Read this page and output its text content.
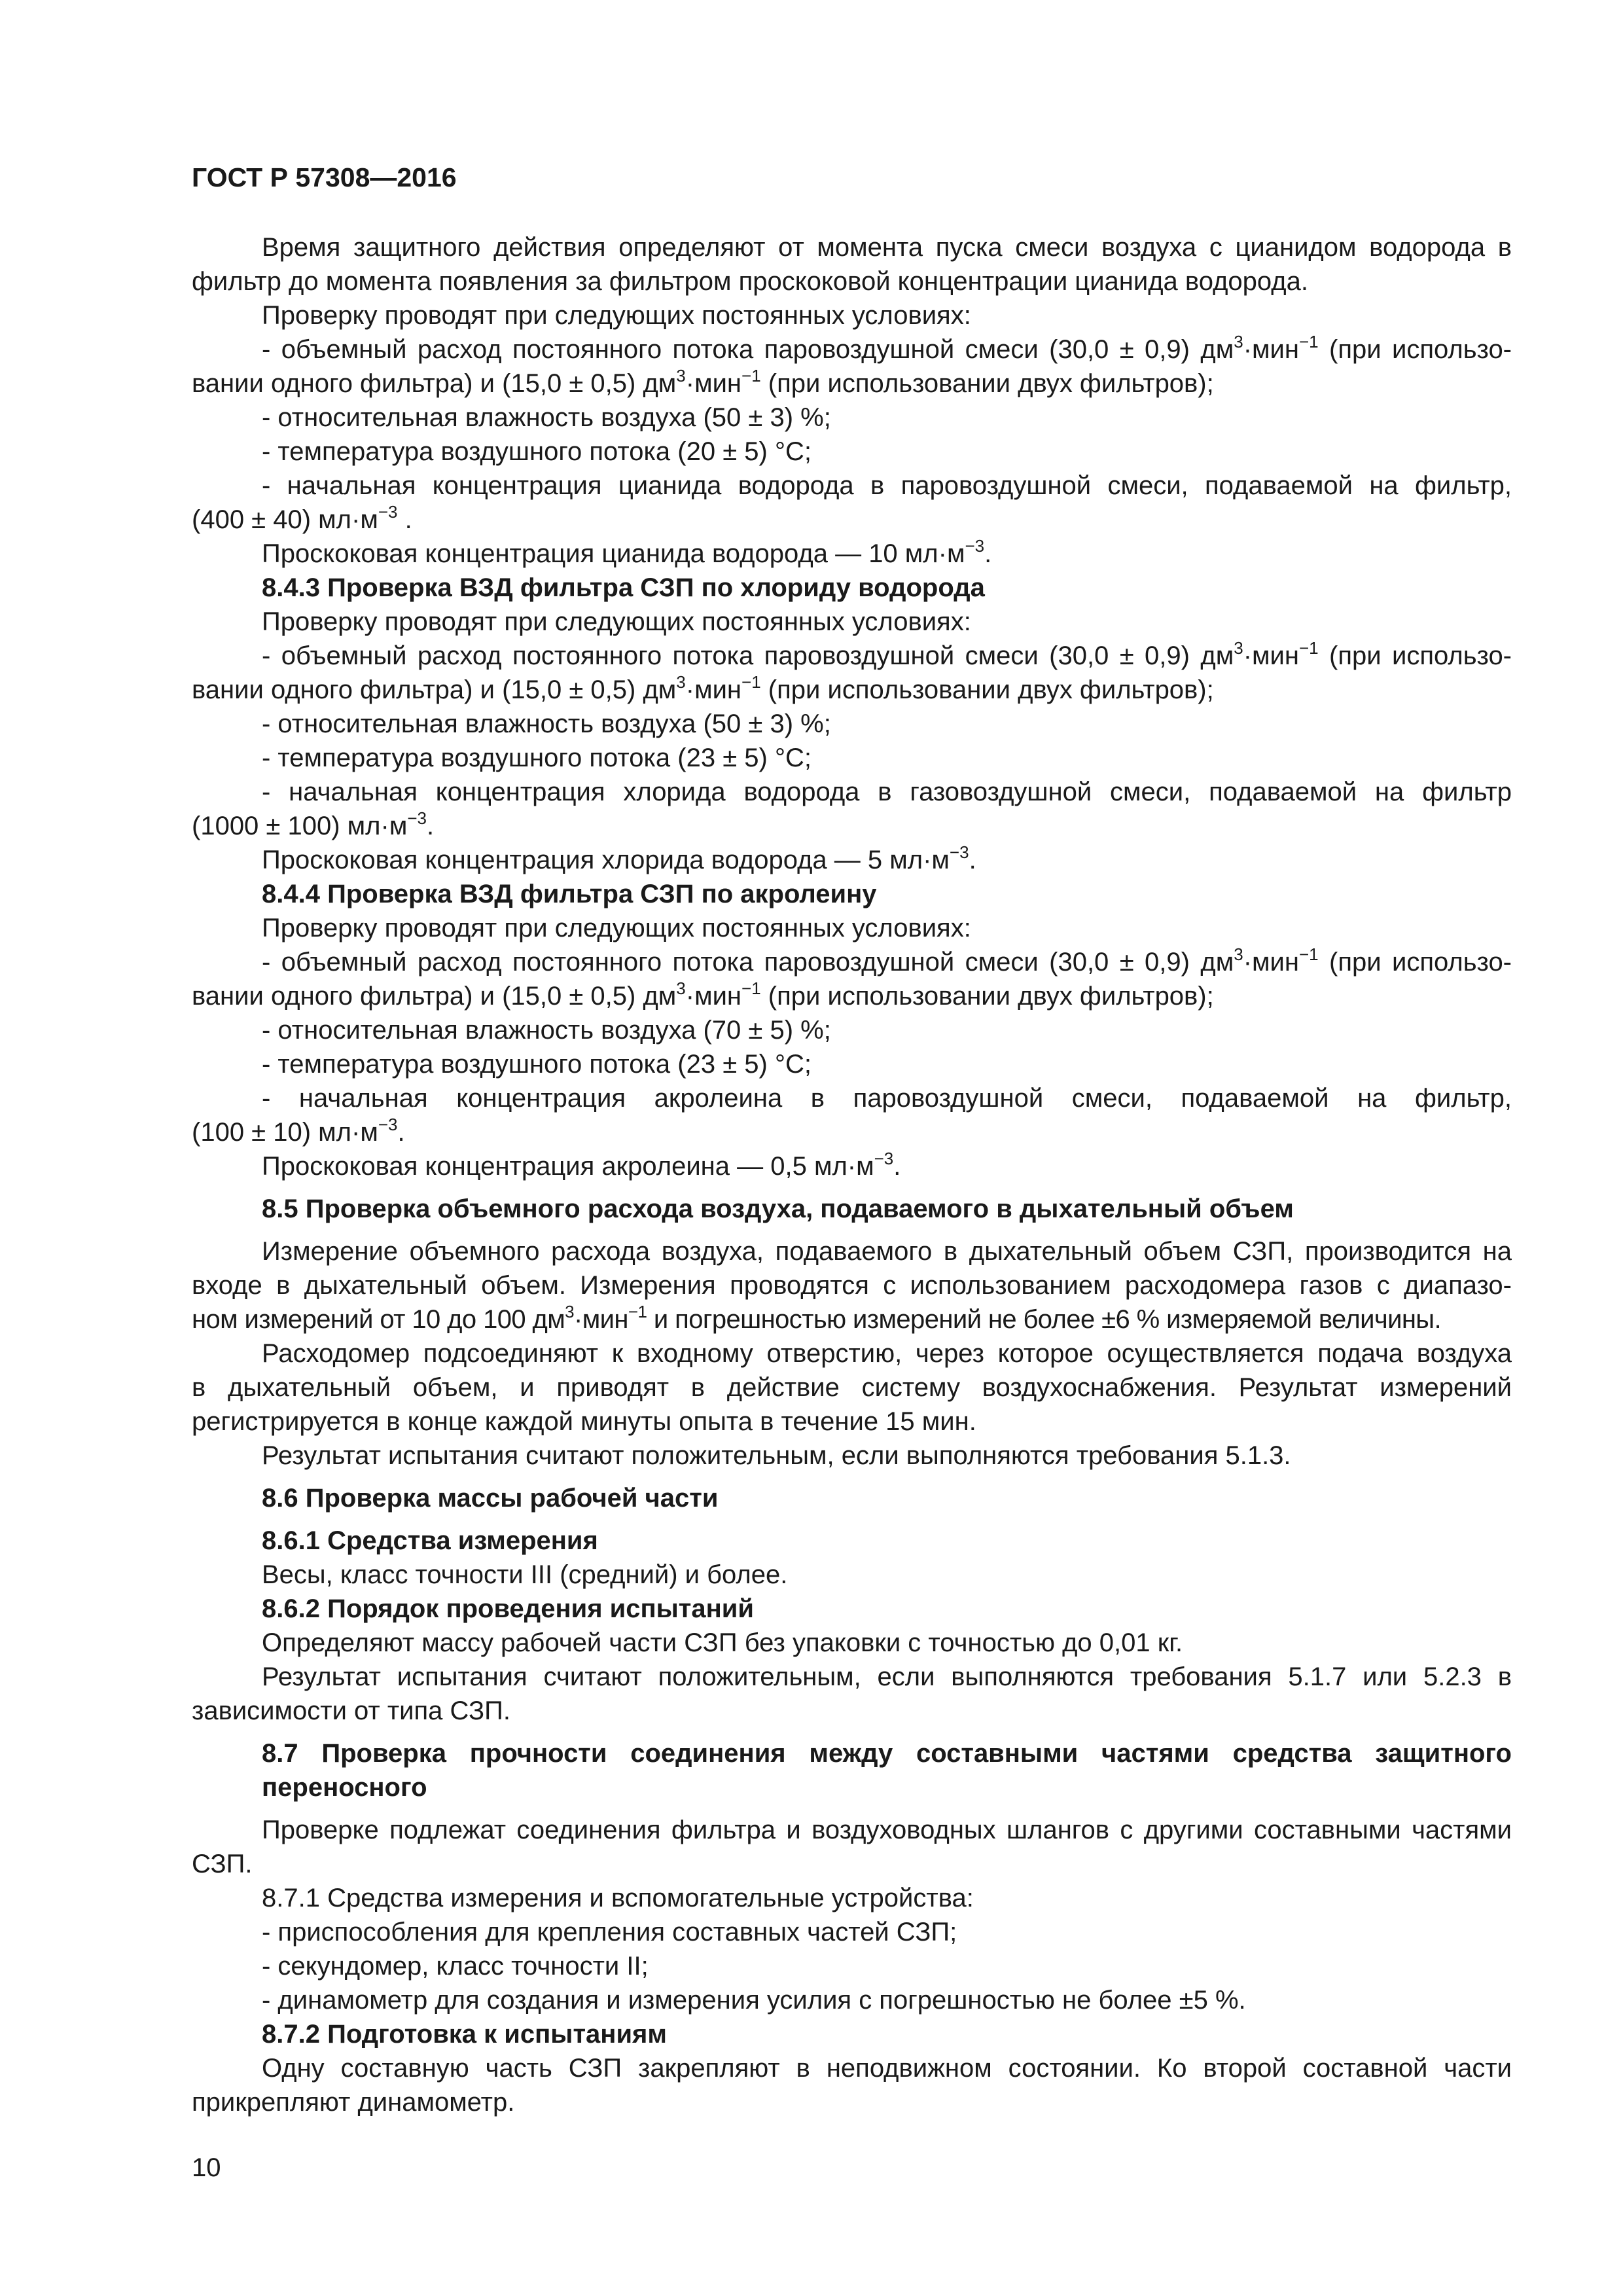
ГОСТ Р 57308—2016
Время защитного действия определяют от момента пуска смеси воздуха с цианидом водорода в
фильтр до момента появления за фильтром проскоковой концентрации цианида водорода.
Проверку проводят при следующих постоянных условиях:
- объемный расход постоянного потока паровоздушной смеси (30,0 ± 0,9) $дм^3\cdot мин^{-1}$ (при использо-
вании одного фильтра) и (15,0 ± 0,5) $дм^3\cdot мин^{-1}$ (при использовании двух фильтров);
- относительная влажность воздуха (50 ± 3) %;
- температура воздушного потока (20 ± 5) °С;
- начальная концентрация цианида водорода в паровоздушной смеси, подаваемой на фильтр,
(400 ± 40) $мл\cdot м^{-3}$ .
Проскоковая концентрация цианида водорода — 10 $мл\cdot м^{-3}$.
8.4.3 Проверка ВЗД фильтра СЗП по хлориду водорода
Проверку проводят при следующих постоянных условиях:
- объемный расход постоянного потока паровоздушной смеси (30,0 ± 0,9) $дм^3\cdot мин^{-1}$ (при использо-
вании одного фильтра) и (15,0 ± 0,5) $дм^3\cdot мин^{-1}$ (при использовании двух фильтров);
- относительная влажность воздуха (50 ± 3) %;
- температура воздушного потока (23 ± 5) °С;
- начальная концентрация хлорида водорода в газовоздушной смеси, подаваемой на фильтр
(1000 ± 100) $мл\cdot м^{-3}$.
Проскоковая концентрация хлорида водорода — 5 $мл\cdot м^{-3}$.
8.4.4 Проверка ВЗД фильтра СЗП по акролеину
Проверку проводят при следующих постоянных условиях:
- объемный расход постоянного потока паровоздушной смеси (30,0 ± 0,9) $дм^3\cdot мин^{-1}$ (при использо-
вании одного фильтра) и (15,0 ± 0,5) $дм^3\cdot мин^{-1}$ (при использовании двух фильтров);
- относительная влажность воздуха (70 ± 5) %;
- температура воздушного потока (23 ± 5) °С;
- начальная концентрация акролеина в паровоздушной смеси, подаваемой на фильтр,
(100 ± 10) $мл\cdot м^{-3}$.
Проскоковая концентрация акролеина — 0,5 $мл\cdot м^{-3}$.
8.5 Проверка объемного расхода воздуха, подаваемого в дыхательный объем
Измерение объемного расхода воздуха, подаваемого в дыхательный объем СЗП, производится на
входе в дыхательный объем. Измерения проводятся с использованием расходомера газов с диапазо-
ном измерений от 10 до 100 $дм^3\cdot мин^{-1}$ и погрешностью измерений не более ±6 % измеряемой величины.
Расходомер подсоединяют к входному отверстию, через которое осуществляется подача воздуха
в дыхательный объем, и приводят в действие систему воздухоснабжения. Результат измерений
регистрируется в конце каждой минуты опыта в течение 15 мин.
Результат испытания считают положительным, если выполняются требования 5.1.3.
8.6 Проверка массы рабочей части
8.6.1 Средства измерения
Весы, класс точности III (средний) и более.
8.6.2 Порядок проведения испытаний
Определяют массу рабочей части СЗП без упаковки с точностью до 0,01 кг.
Результат испытания считают положительным, если выполняются требования 5.1.7 или 5.2.3 в
зависимости от типа СЗП.
8.7 Проверка прочности соединения между составными частями средства защитного
переносного
Проверке подлежат соединения фильтра и воздуховодных шлангов с другими составными частями
СЗП.
8.7.1 Средства измерения и вспомогательные устройства:
- приспособления для крепления составных частей СЗП;
- секундомер, класс точности II;
- динамометр для создания и измерения усилия с погрешностью не более ±5 %.
8.7.2 Подготовка к испытаниям
Одну составную часть СЗП закрепляют в неподвижном состоянии. Ко второй составной части
прикрепляют динамометр.
10
